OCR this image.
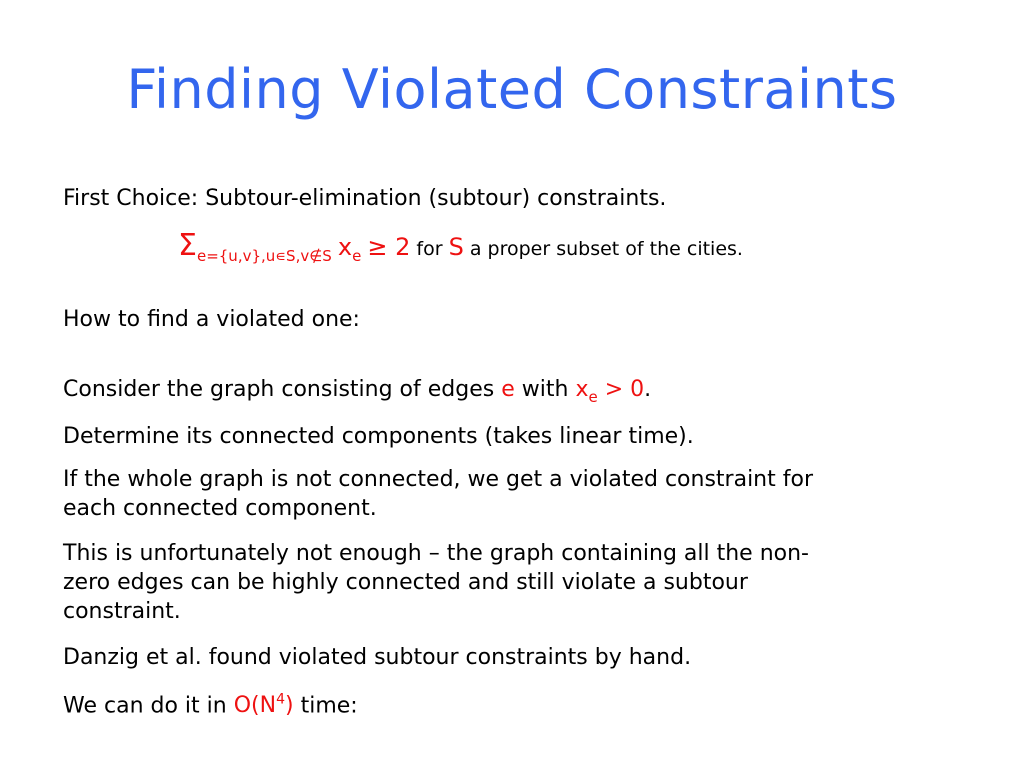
Finding Violated Constraints
First Choice: Subtour-elimination (subtour) constraints.
$\Sigma_{e=\{u,v\},u∊S,v\notin S}$ $x_e \ge 2$ for S a proper subset of the cities.
How to find a violated one:
Consider the graph consisting of edges e with $x_e > 0$.
Determine its connected components (takes linear time).
If the whole graph is not connected, we get a violated constraint for
each connected component.
This is unfortunately not enough – the graph containing all the non-
zero edges can be highly connected and still violate a subtour
constraint.
Danzig et al. found violated subtour constraints by hand.
We can do it in $O(N^4)$ time:
